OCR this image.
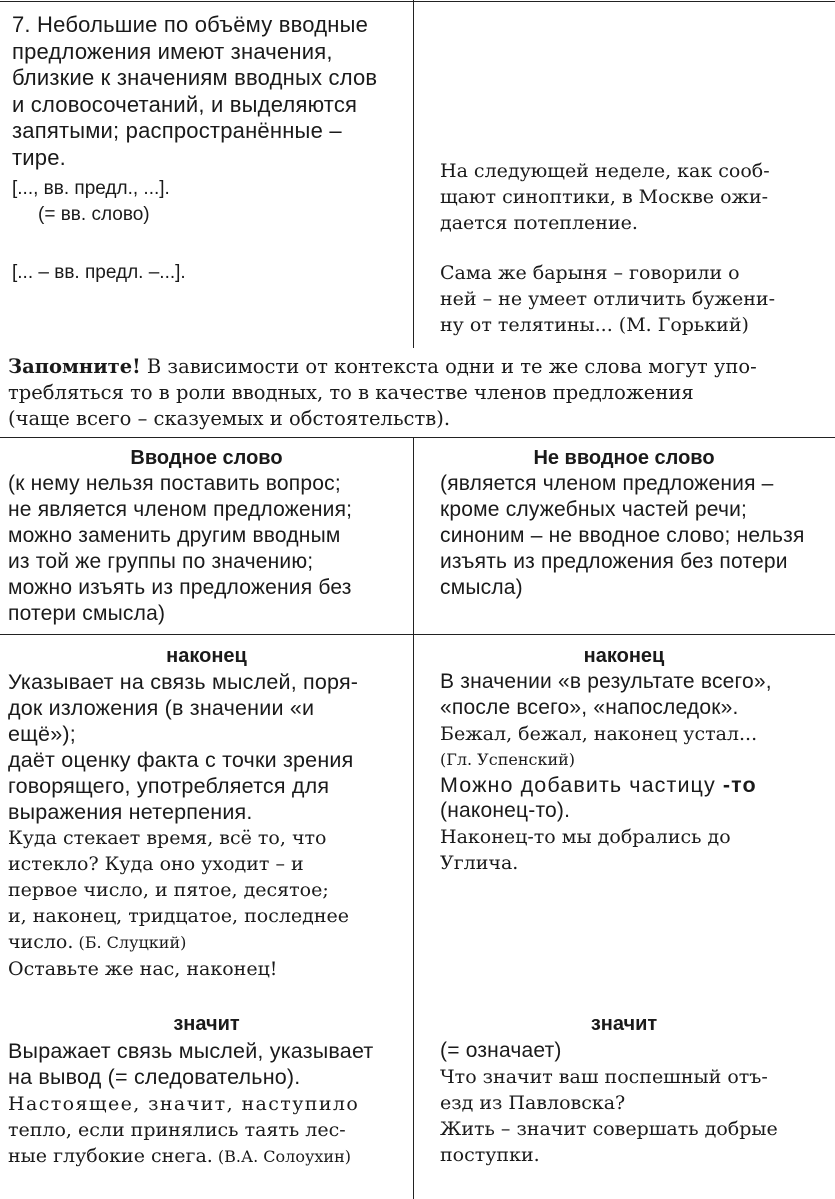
7. Небольшие по объёму вводные
предложения имеют значения,
близкие к значениям вводных слов
и словосочетаний, и выделяются
запятыми; распространённые –
тире.
[..., вв. предл., ...].
(= вв. слово)
[... – вв. предл. –...].
На следующей неделе, как сооб-
щают синоптики, в Москве ожи-
дается потепление.
Сама же барыня – говорили о
ней – не умеет отличить бужени-
ну от телятины... (М. Горький)
Запомните! В зависимости от контекста одни и те же слова могут упо-
требляться то в роли вводных, то в качестве членов предложения
(чаще всего – сказуемых и обстоятельств).
Вводное слово
(к нему нельзя поставить вопрос;
не является членом предложения;
можно заменить другим вводным
из той же группы по значению;
можно изъять из предложения без
потери смысла)
Не вводное слово
(является членом предложения –
кроме служебных частей речи;
синоним – не вводное слово; нельзя
изъять из предложения без потери
смысла)
наконец
Указывает на связь мыслей, поря-
док изложения (в значении «и
ещё»);
даёт оценку факта с точки зрения
говорящего, употребляется для
выражения нетерпения.
Куда стекает время, всё то, что
истекло? Куда оно уходит – и
первое число, и пятое, десятое;
и, наконец, тридцатое, последнее
число. (Б. Слуцкий)
Оставьте же нас, наконец!
наконец
В значении «в результате всего»,
«после всего», «напоследок».
Бежал, бежал, наконец устал...
(Гл. Успенский)
Можно добавить частицу -то
(наконец-то).
Наконец-то мы добрались до
Углича.
значит
Выражает связь мыслей, указывает
на вывод (= следовательно).
Настоящее, значит, наступило
тепло, если принялись таять лес-
ные глубокие снега. (В.А. Солоухин)
значит
(= означает)
Что значит ваш поспешный отъ-
езд из Павловска?
Жить – значит совершать добрые
поступки.
